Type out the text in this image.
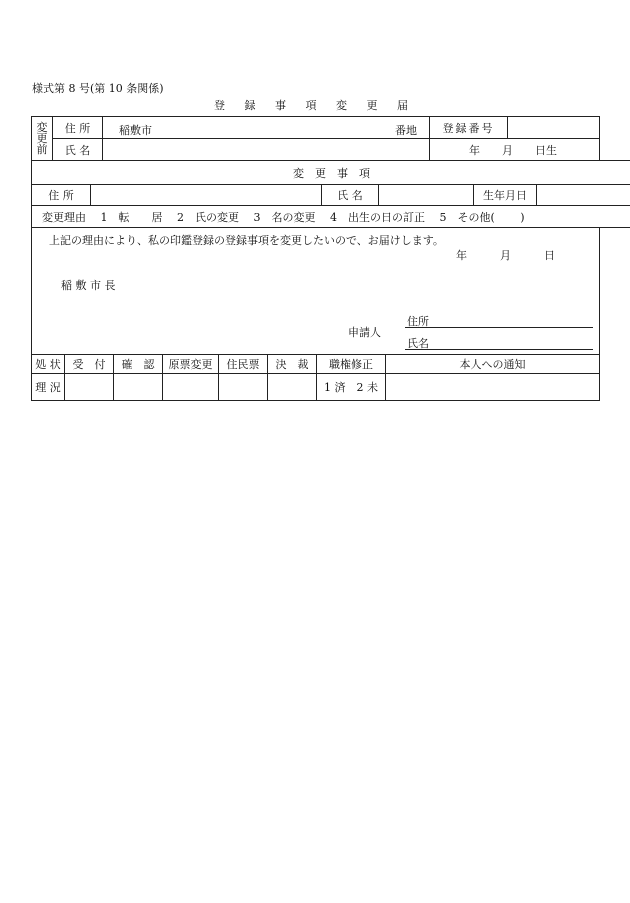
様式第 8 号(第 10 条関係)
登 録 事 項 変 更 届
変更前	住 所	稲敷市 番地	登録番号	
	氏 名		年　　月　　日生	
変　更　事　項
住 所		氏 名		生年月日	
変更理由　 1　転　　居　 2　氏の変更　 3　名の変更　 4　出生の日の訂正　 5　その他(　　 )
上記の理由により、私の印鑑登録の登録事項を変更したいので、お届けします。
年　　　月　　　日
稲 敷 市 長
申請人
住所
氏名
処 状	受　付	確　認	原票変更	住民票	決　裁	職権修正	本人への通知
理 況						1 済　2 未	
